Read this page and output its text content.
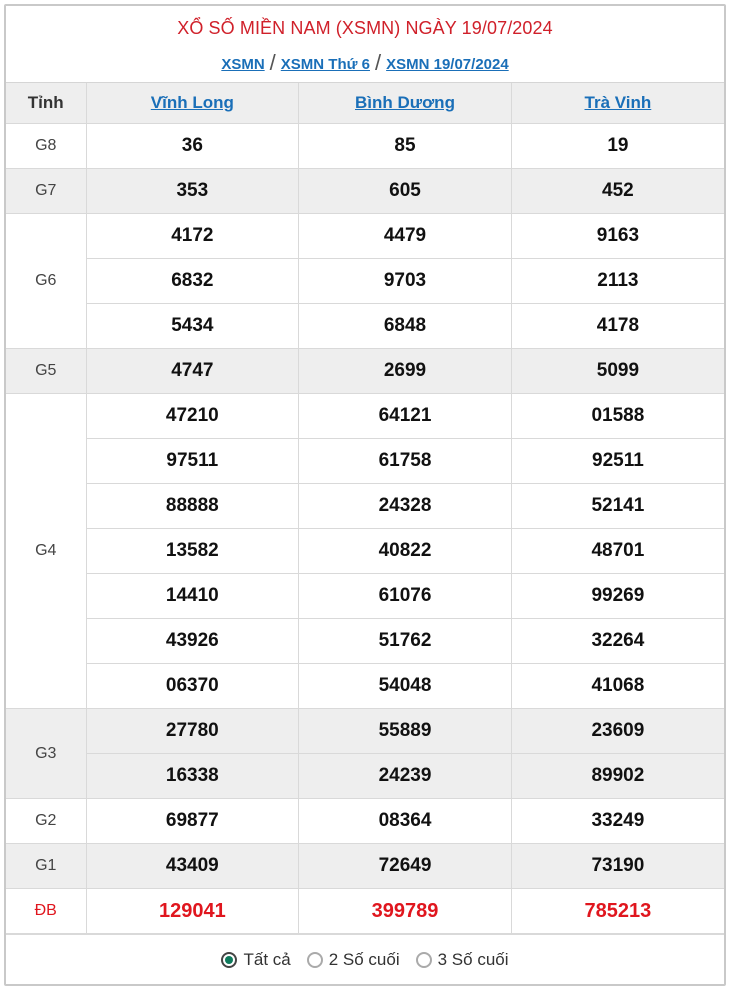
XỔ SỐ MIỀN NAM (XSMN) NGÀY 19/07/2024
XSMN / XSMN Thứ 6 / XSMN 19/07/2024
Tỉnh	Vĩnh Long	Bình Dương	Trà Vinh
G8	36	85	19
G7	353	605	452
G6	4172	4479	9163
	6832	9703	2113
	5434	6848	4178
G5	4747	2699	5099
G4	47210	64121	01588
	97511	61758	92511
	88888	24328	52141
	13582	40822	48701
	14410	61076	99269
	43926	51762	32264
	06370	54048	41068
G3	27780	55889	23609
	16338	24239	89902
G2	69877	08364	33249
G1	43409	72649	73190
ĐB	129041	399789	785213
Tất cả 2 Số cuối 3 Số cuối
